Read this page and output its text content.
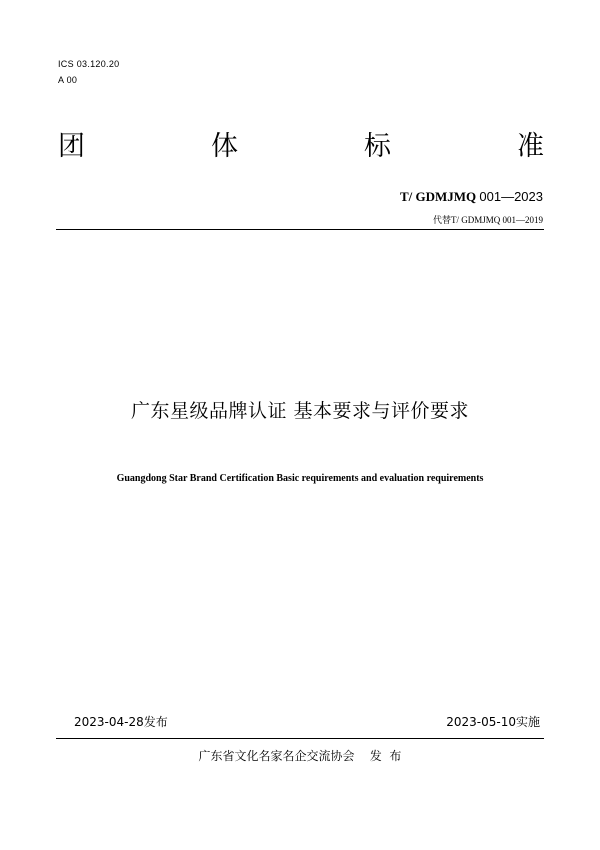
ICS 03.120.20
A 00
团	体	标	准
T/ GDMJMQ 001—2023
代替T/ GDMJMQ 001—2019
广东星级品牌认证 基本要求与评价要求
Guangdong Star Brand Certification Basic requirements and evaluation requirements
2023-04-28发布	2023-05-10实施
广东省文化名家名企交流协会    发  布
